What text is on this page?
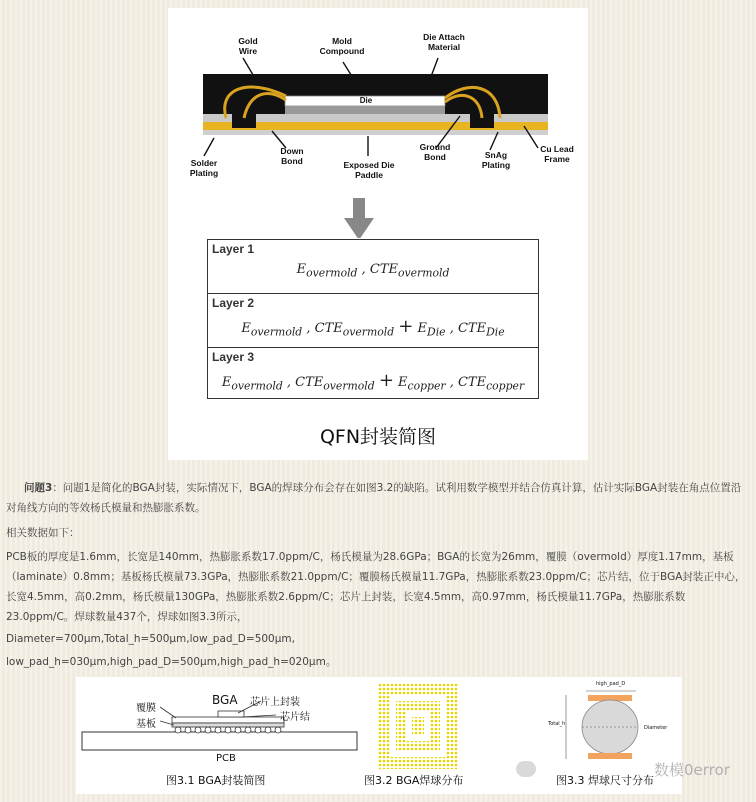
Gold
Wire
Mold
Compound
Die Attach
Material
Die
Solder
Plating
Down
Bond	Exposed Die
Paddle
Ground
Bond	SnAg
Plating
Cu Lead
Frame
Layer 1
$E_{overmold}$ , $CTE_{overmold}$
Layer 2
$E_{overmold}$ , $CTE_{overmold} + E_{Die}$ , $CTE_{Die}$
Layer 3
$E_{overmold}$ , $CTE_{overmold} + E_{copper}$ , $CTE_{copper}$
QFN封装简图
问题3：问题1是简化的BGA封装，实际情况下，BGA的焊球分布会存在如图3.2的缺陷。试利用数学模型并结合仿真计算，估计实际BGA封装在角点位置沿对角线方向的等效杨氏模量和热膨胀系数。
相关数据如下：
PCB板的厚度是1.6mm，长宽是140mm，热膨胀系数17.0ppm/C，杨氏模量为28.6GPa；BGA的长宽为26mm，覆膜（overmold）厚度1.17mm，基板（laminate）0.8mm；基板杨氏模量73.3GPa，热膨胀系数21.0ppm/C；覆膜杨氏模量11.7GPa，热膨胀系数23.0ppm/C；芯片结，位于BGA封装正中心，长宽4.5mm，高0.2mm，杨氏模量130GPa，热膨胀系数2.6ppm/C；芯片上封装，长宽4.5mm，高0.97mm，杨氏模量11.7GPa，热膨胀系数23.0ppm/C。焊球数量437个，焊球如图3.3所示，
Diameter=700μm,Total_h=500μm,low_pad_D=500μm,
low_pad_h=030μm,high_pad_D=500μm,high_pad_h=020μm。
覆膜
基板
BGA 芯片上封装
芯片结
PCB
图3.1 BGA封装简图	图3.2 BGA焊球分布
high_pad_D
Total_h
Diameter
图3.3 焊球尺寸分布
数模0error
